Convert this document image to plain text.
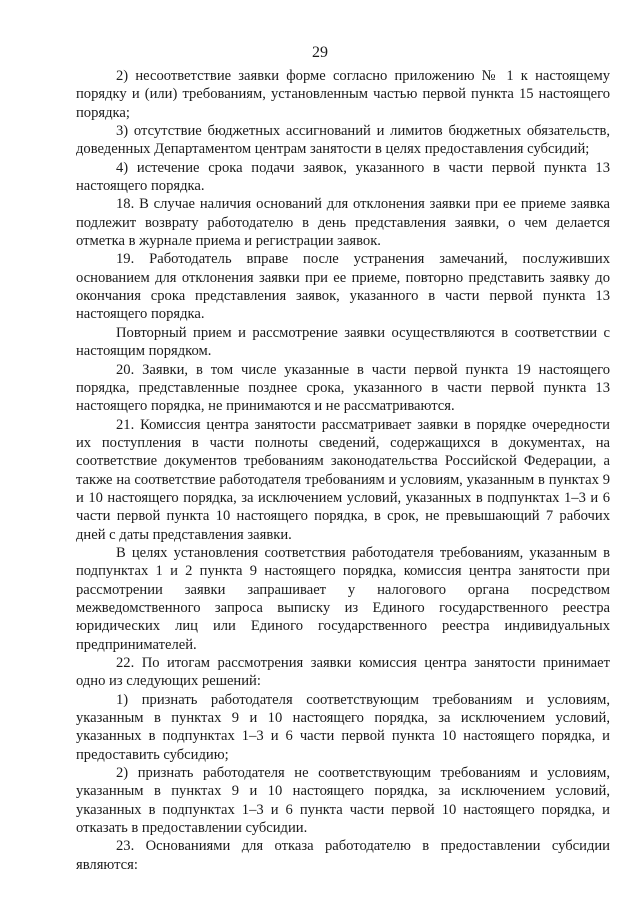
29

2) несоответствие заявки форме согласно приложению № 1 к настоящему порядку и (или) требованиям, установленным частью первой пункта 15 настоящего порядка;

3) отсутствие бюджетных ассигнований и лимитов бюджетных обязательств, доведенных Департаментом центрам занятости в целях предоставления субсидий;

4) истечение срока подачи заявок, указанного в части первой пункта 13 настоящего порядка.

18. В случае наличия оснований для отклонения заявки при ее приеме заявка подлежит возврату работодателю в день представления заявки, о чем делается отметка в журнале приема и регистрации заявок.

19. Работодатель вправе после устранения замечаний, послуживших основанием для отклонения заявки при ее приеме, повторно представить заявку до окончания срока представления заявок, указанного в части первой пункта 13 настоящего порядка.

Повторный прием и рассмотрение заявки осуществляются в соответствии с настоящим порядком.

20. Заявки, в том числе указанные в части первой пункта 19 настоящего порядка, представленные позднее срока, указанного в части первой пункта 13 настоящего порядка, не принимаются и не рассматриваются.

21. Комиссия центра занятости рассматривает заявки в порядке очередности их поступления в части полноты сведений, содержащихся в документах, на соответствие документов требованиям законодательства Российской Федерации, а также на соответствие работодателя требованиям и условиям, указанным в пунктах 9 и 10 настоящего порядка, за исключением условий, указанных в подпунктах 1–3 и 6 части первой пункта 10 настоящего порядка, в срок, не превышающий 7 рабочих дней с даты представления заявки.

В целях установления соответствия работодателя требованиям, указанным в подпунктах 1 и 2 пункта 9 настоящего порядка, комиссия центра занятости при рассмотрении заявки запрашивает у налогового органа посредством межведомственного запроса выписку из Единого государственного реестра юридических лиц или Единого государственного реестра индивидуальных предпринимателей.

22. По итогам рассмотрения заявки комиссия центра занятости принимает одно из следующих решений:

1) признать работодателя соответствующим требованиям и условиям, указанным в пунктах 9 и 10 настоящего порядка, за исключением условий, указанных в подпунктах 1–3 и 6 части первой пункта 10 настоящего порядка, и предоставить субсидию;

2) признать работодателя не соответствующим требованиям и условиям, указанным в пунктах 9 и 10 настоящего порядка, за исключением условий, указанных в подпунктах 1–3 и 6 пункта части первой 10 настоящего порядка, и отказать в предоставлении субсидии.

23. Основаниями для отказа работодателю в предоставлении субсидии являются:
